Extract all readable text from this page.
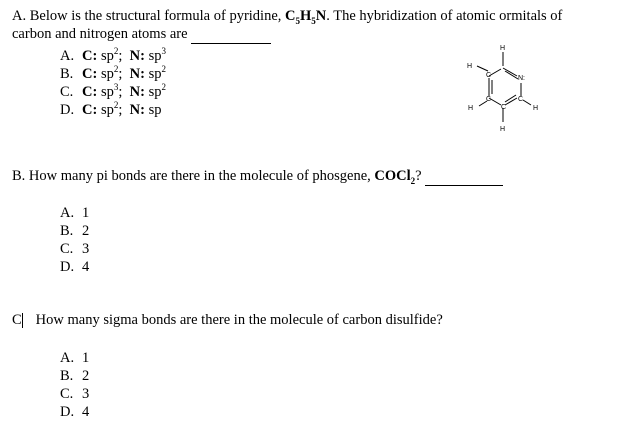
A. Below is the structural formula of pyridine, $C_5H_5N$. The hybridization of atomic ormitals of
carbon and nitrogen atoms are
A. C: $sp^2$; N: $sp^3$
B. C: $sp^2$; N: $sp^2$
C. C: $sp^3$; N: $sp^2$
D. C: $sp^2$; N: sp
H
H
C	N:
C	C
H	C	H
H
B. How many pi bonds are there in the molecule of phosgene, COCl$_2$?
A. 1
B. 2
C. 3
D. 4
C How many sigma bonds are there in the molecule of carbon disulfide?
A. 1
B. 2
C. 3
D. 4
